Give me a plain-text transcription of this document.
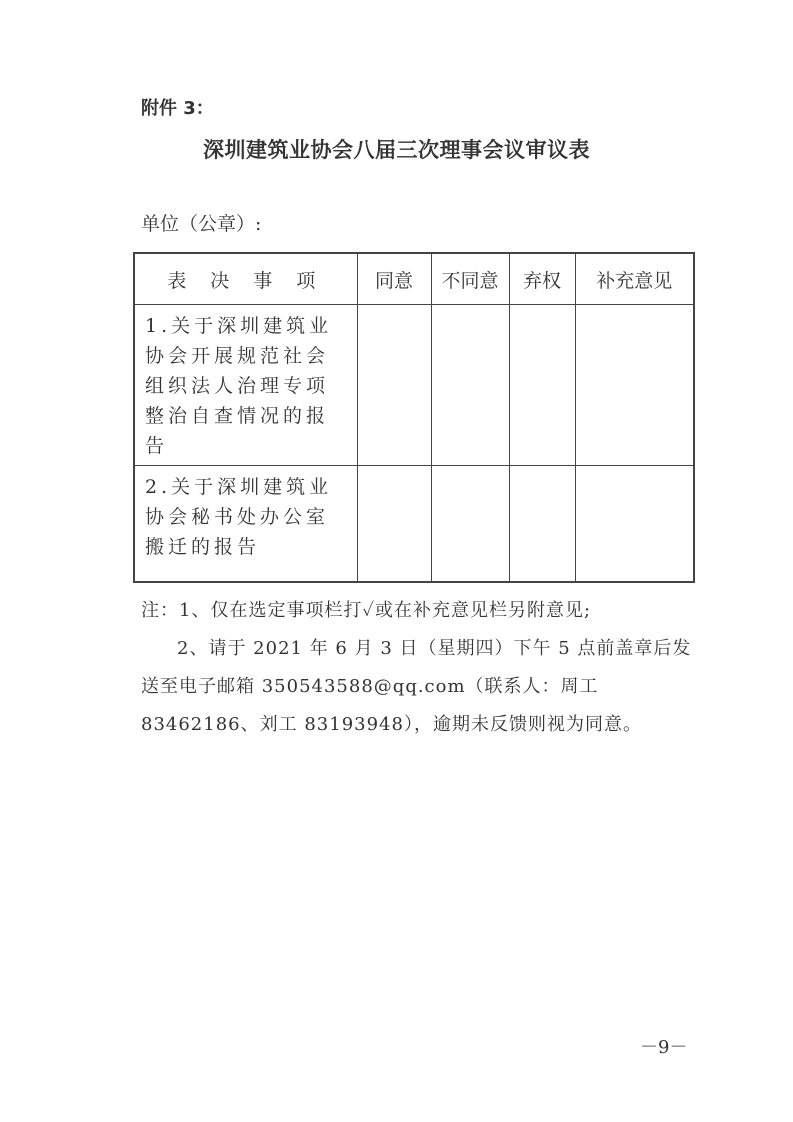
附件 3：
深圳建筑业协会八届三次理事会议审议表
单位（公章）:
表 决 事 项	同意	不同意	弃权	补充意见
1.关于深圳建筑业协会开展规范社会组织法人治理专项整治自查情况的报告				
2.关于深圳建筑业协会秘书处办公室搬迁的报告				

注：1、仅在选定事项栏打✓或在补充意见栏另附意见;

2、请于 2021 年 6 月 3 日（星期四）下午 5 点前盖章后发送至电子邮箱 350543588@qq.com（联系人：周工 83462186、刘工 83193948），逾期未反馈则视为同意。

－9－
